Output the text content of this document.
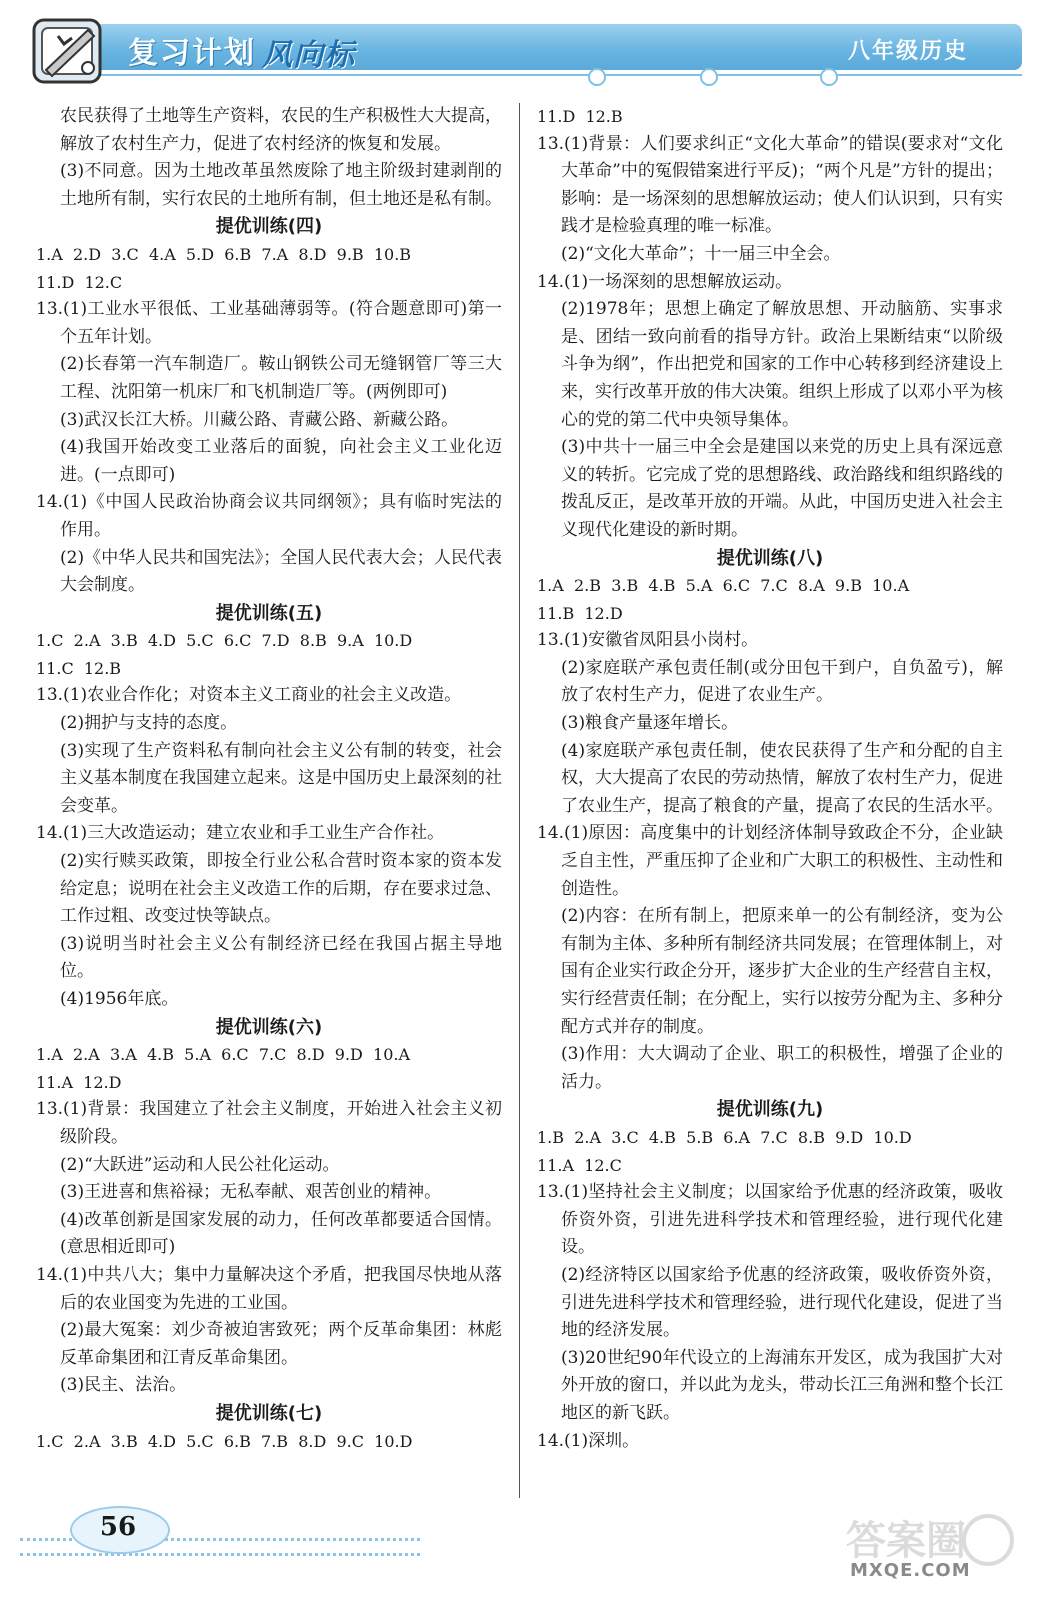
复习计划 风向标	八年级历史

农民获得了土地等生产资料，农民的生产积极性大大提高，解放了农村生产力，促进了农村经济的恢复和发展。

(3)不同意。因为土地改革虽然废除了地主阶级封建剥削的土地所有制，实行农民的土地所有制，但土地还是私有制。

提优训练(四)

1.A  2.D  3.C  4.A  5.D  6.B  7.A  8.D  9.B  10.B

11.D  12.C

13.(1)工业水平很低、工业基础薄弱等。(符合题意即可)第一个五年计划。

(2)长春第一汽车制造厂。鞍山钢铁公司无缝钢管厂等三大工程、沈阳第一机床厂和飞机制造厂等。(两例即可)

(3)武汉长江大桥。川藏公路、青藏公路、新藏公路。

(4)我国开始改变工业落后的面貌，向社会主义工业化迈进。(一点即可)

14.(1)《中国人民政治协商会议共同纲领》；具有临时宪法的作用。

(2)《中华人民共和国宪法》；全国人民代表大会；人民代表大会制度。

提优训练(五)

1.C  2.A  3.B  4.D  5.C  6.C  7.D  8.B  9.A  10.D

11.C  12.B

13.(1)农业合作化；对资本主义工商业的社会主义改造。

(2)拥护与支持的态度。

(3)实现了生产资料私有制向社会主义公有制的转变，社会主义基本制度在我国建立起来。这是中国历史上最深刻的社会变革。

14.(1)三大改造运动；建立农业和手工业生产合作社。

(2)实行赎买政策，即按全行业公私合营时资本家的资本发给定息；说明在社会主义改造工作的后期，存在要求过急、工作过粗、改变过快等缺点。

(3)说明当时社会主义公有制经济已经在我国占据主导地位。

(4)1956年底。

提优训练(六)

1.A  2.A  3.A  4.B  5.A  6.C  7.C  8.D  9.D  10.A

11.A  12.D

13.(1)背景：我国建立了社会主义制度，开始进入社会主义初级阶段。

(2)“大跃进”运动和人民公社化运动。

(3)王进喜和焦裕禄；无私奉献、艰苦创业的精神。

(4)改革创新是国家发展的动力，任何改革都要适合国情。(意思相近即可)

14.(1)中共八大；集中力量解决这个矛盾，把我国尽快地从落后的农业国变为先进的工业国。

(2)最大冤案：刘少奇被迫害致死；两个反革命集团：林彪反革命集团和江青反革命集团。

(3)民主、法治。

提优训练(七)

1.C  2.A  3.B  4.D  5.C  6.B  7.B  8.D  9.C  10.D

11.D  12.B

13.(1)背景：人们要求纠正“文化大革命”的错误(要求对“文化大革命”中的冤假错案进行平反)；“两个凡是”方针的提出；影响：是一场深刻的思想解放运动；使人们认识到，只有实践才是检验真理的唯一标准。

(2)“文化大革命”；十一届三中全会。

14.(1)一场深刻的思想解放运动。

(2)1978年；思想上确定了解放思想、开动脑筋、实事求是、团结一致向前看的指导方针。政治上果断结束“以阶级斗争为纲”，作出把党和国家的工作中心转移到经济建设上来，实行改革开放的伟大决策。组织上形成了以邓小平为核心的党的第二代中央领导集体。

(3)中共十一届三中全会是建国以来党的历史上具有深远意义的转折。它完成了党的思想路线、政治路线和组织路线的拨乱反正，是改革开放的开端。从此，中国历史进入社会主义现代化建设的新时期。

提优训练(八)

1.A  2.B  3.B  4.B  5.A  6.C  7.C  8.A  9.B  10.A

11.B  12.D

13.(1)安徽省凤阳县小岗村。

(2)家庭联产承包责任制(或分田包干到户，自负盈亏)，解放了农村生产力，促进了农业生产。

(3)粮食产量逐年增长。

(4)家庭联产承包责任制，使农民获得了生产和分配的自主权，大大提高了农民的劳动热情，解放了农村生产力，促进了农业生产，提高了粮食的产量，提高了农民的生活水平。

14.(1)原因：高度集中的计划经济体制导致政企不分，企业缺乏自主性，严重压抑了企业和广大职工的积极性、主动性和创造性。

(2)内容：在所有制上，把原来单一的公有制经济，变为公有制为主体、多种所有制经济共同发展；在管理体制上，对国有企业实行政企分开，逐步扩大企业的生产经营自主权，实行经营责任制；在分配上，实行以按劳分配为主、多种分配方式并存的制度。

(3)作用：大大调动了企业、职工的积极性，增强了企业的活力。

提优训练(九)

1.B  2.A  3.C  4.B  5.B  6.A  7.C  8.B  9.D  10.D

11.A  12.C

13.(1)坚持社会主义制度；以国家给予优惠的经济政策，吸收侨资外资，引进先进科学技术和管理经验，进行现代化建设。

(2)经济特区以国家给予优惠的经济政策，吸收侨资外资，引进先进科学技术和管理经验，进行现代化建设，促进了当地的经济发展。

(3)20世纪90年代设立的上海浦东开发区，成为我国扩大对外开放的窗口，并以此为龙头，带动长江三角洲和整个长江地区的新飞跃。

14.(1)深圳。

56	答案圈
MXQE.COM
